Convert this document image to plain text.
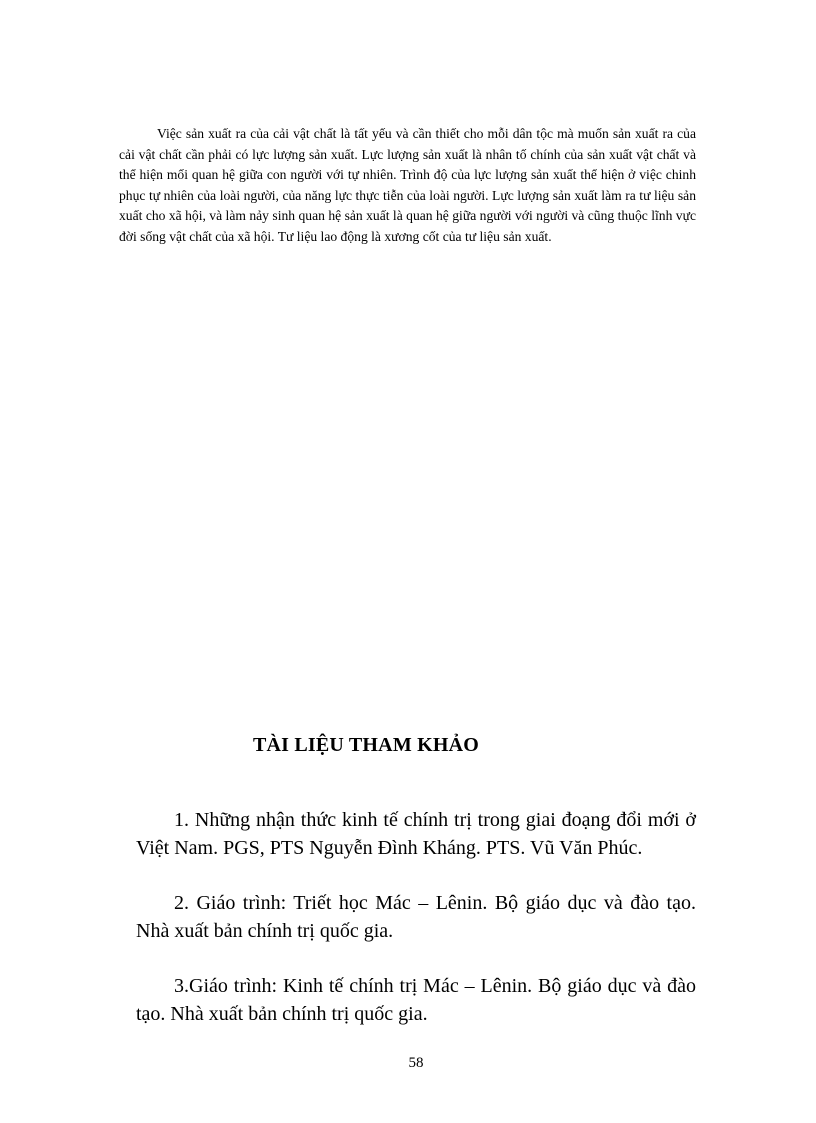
Việc sản xuất ra của cải vật chất là tất yếu và cần thiết cho mỗi dân tộc mà muốn sản xuất ra của cải vật chất cần phải có lực lượng sản xuất. Lực lượng sản xuất là nhân tố chính của sản xuất vật chất và thể hiện mối quan hệ giữa con người với tự nhiên. Trình độ của lực lượng sản xuất thể hiện ở việc chinh phục tự nhiên của loài người, của năng lực thực tiễn của loài người. Lực lượng sản xuất làm ra tư liệu sản xuất cho xã hội, và làm nảy sinh quan hệ sản xuất là quan hệ giữa người với người và cũng thuộc lĩnh vực đời sống vật chất của xã hội. Tư liệu lao động là xương cốt của tư liệu sản xuất.

TÀI LIỆU THAM KHẢO

1. Những nhận thức kinh tế chính trị trong giai đoạng đổi mới ở Việt Nam. PGS, PTS Nguyễn Đình Kháng. PTS. Vũ Văn Phúc.

2. Giáo trình: Triết học Mác – Lênin. Bộ giáo dục và đào tạo. Nhà xuất bản chính trị quốc gia.

3.Giáo trình: Kinh tế chính trị Mác – Lênin. Bộ giáo dục và đào tạo. Nhà xuất bản chính trị quốc gia.

58
